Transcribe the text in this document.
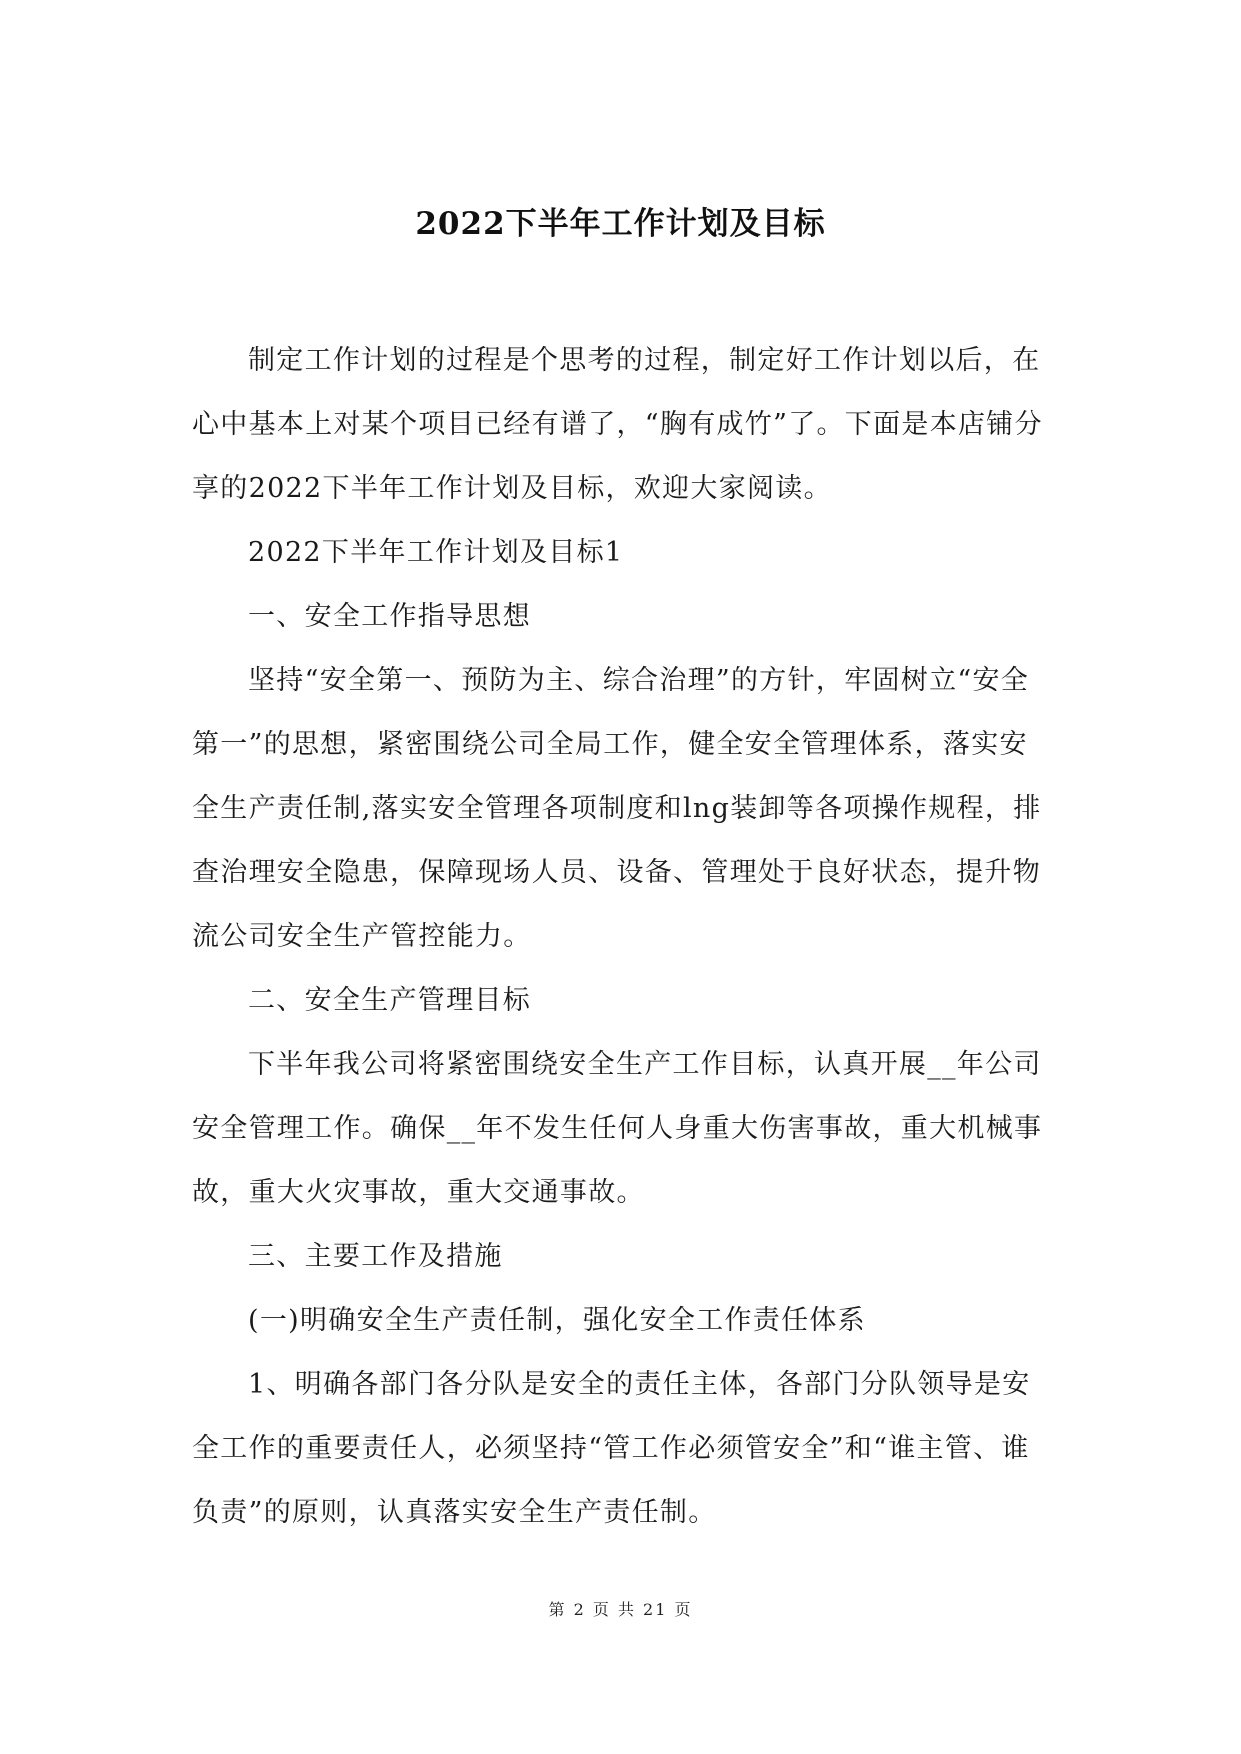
2022下半年工作计划及目标

制定工作计划的过程是个思考的过程，制定好工作计划以后，在心中基本上对某个项目已经有谱了，“胸有成竹”了。下面是本店铺分享的2022下半年工作计划及目标，欢迎大家阅读。

2022下半年工作计划及目标1

一、安全工作指导思想

坚持“安全第一、预防为主、综合治理”的方针，牢固树立“安全第一”的思想，紧密围绕公司全局工作，健全安全管理体系，落实安全生产责任制,落实安全管理各项制度和lng装卸等各项操作规程，排查治理安全隐患，保障现场人员、设备、管理处于良好状态，提升物流公司安全生产管控能力。

二、安全生产管理目标

下半年我公司将紧密围绕安全生产工作目标，认真开展__年公司安全管理工作。确保__年不发生任何人身重大伤害事故，重大机械事故，重大火灾事故，重大交通事故。

三、主要工作及措施

(一)明确安全生产责任制，强化安全工作责任体系

1、明确各部门各分队是安全的责任主体，各部门分队领导是安全工作的重要责任人，必须坚持“管工作必须管安全”和“谁主管、谁负责”的原则，认真落实安全生产责任制。

第 2 页 共 21 页
